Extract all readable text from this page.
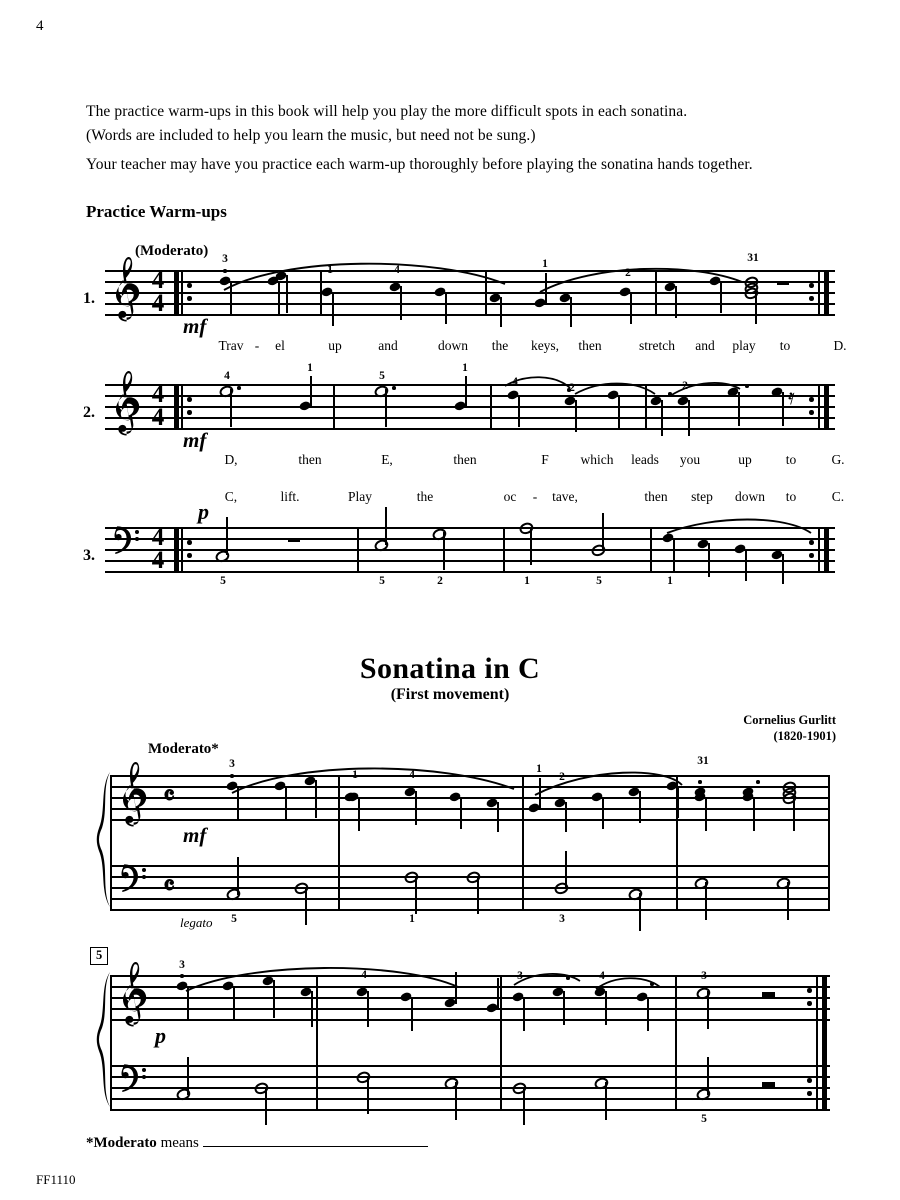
4
The practice warm-ups in this book will help you play the more difficult spots in each sonatina.
(Words are included to help you learn the music, but need not be sung.)
Your teacher may have you practice each warm-up thoroughly before playing the sonatina hands together.
Practice Warm-ups
(Moderato)
1.
4
4
mf
3
1	4	1
2
31
Trav - el	up	and	down the keys, then	stretch and play to	D.
2.
4
4
mf
4
1
5
1
4	2	2	𝄿
D,	then	E,	then	F which leads you	up	to	G.
3.
4
4
p
5	5	2	1	5	1
C,	lift.	Play	the	oc - tave,	then step down to	C.
Sonatina in C
(First movement)
Cornelius Gurlitt
(1820-1901)
Moderato*
𝄴
𝄴
mf
legato
3
1	4	1
2
31
5	1	3
5
p
3
4	3	4	3
5
*Moderato means
FF1110
